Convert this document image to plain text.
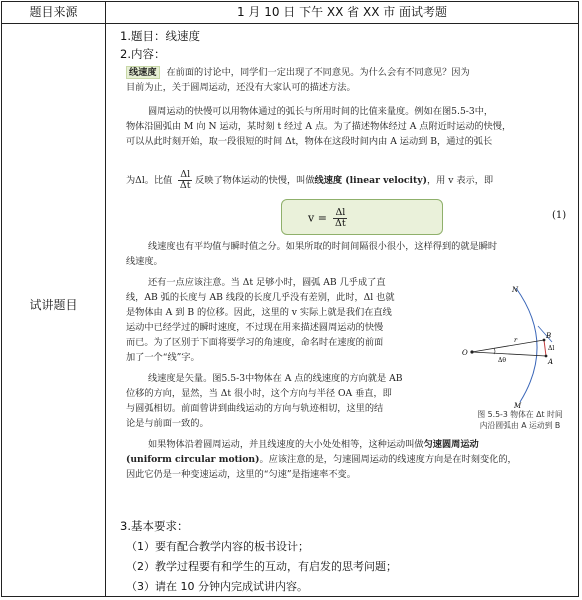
题目来源	1 月 10 日 下午 XX 省 XX 市 面试考题
试讲题目
1.题目：线速度
2.内容：
线速度 在前面的讨论中，同学们一定出现了不同意见。为什么会有不同意见？因为
目前为止，关于圆周运动，还没有大家认可的描述方法。
圆周运动的快慢可以用物体通过的弧长与所用时间的比值来量度。例如在图5.5-3中，
物体沿圆弧由 M 向 N 运动，某时刻 t 经过 A 点。为了描述物体经过 A 点附近时运动的快慢，
可以从此时刻开始，取一段很短的时间 Δt，物体在这段时间内由 A 运动到 B，通过的弧长
为Δl。比值 $\frac{\Delta l}{\Delta t}$ 反映了物体运动的快慢，叫做线速度 (linear velocity)，用 v 表示，即
$v = \frac{\Delta l}{\Delta t}$	(1)
线速度也有平均值与瞬时值之分。如果所取的时间间隔很小很小，这样得到的就是瞬时
线速度。
还有一点应该注意。当 Δt 足够小时，圆弧 AB 几乎成了直
线，AB 弧的长度与 AB 线段的长度几乎没有差别，此时，Δl 也就
是物体由 A 到 B 的位移。因此，这里的 v 实际上就是我们在直线
运动中已经学过的瞬时速度，不过现在用来描述圆周运动的快慢
而已。为了区别于下面将要学习的角速度，命名时在速度的前面
加了一个“线”字。
线速度是矢量。图5.5-3中物体在 A 点的线速度的方向就是 AB
位移的方向，显然，当 Δt 很小时，这个方向与半径 OA 垂直，即
与圆弧相切。前面曾讲到曲线运动的方向与轨迹相切，这里的结
论是与前面一致的。
N
M
O
A
B
r
Δl
Δθ
图 5.5-3 物体在 Δt 时间
内沿圆弧由 A 运动到 B
如果物体沿着圆周运动，并且线速度的大小处处相等，这种运动叫做匀速圆周运动
(uniform circular motion)。应该注意的是，匀速圆周运动的线速度方向是在时刻变化的，
因此它仍是一种变速运动，这里的“匀速”是指速率不变。
3.基本要求：
（1）要有配合教学内容的板书设计；
（2）教学过程要有和学生的互动，有启发的思考问题；
（3）请在 10 分钟内完成试讲内容。
